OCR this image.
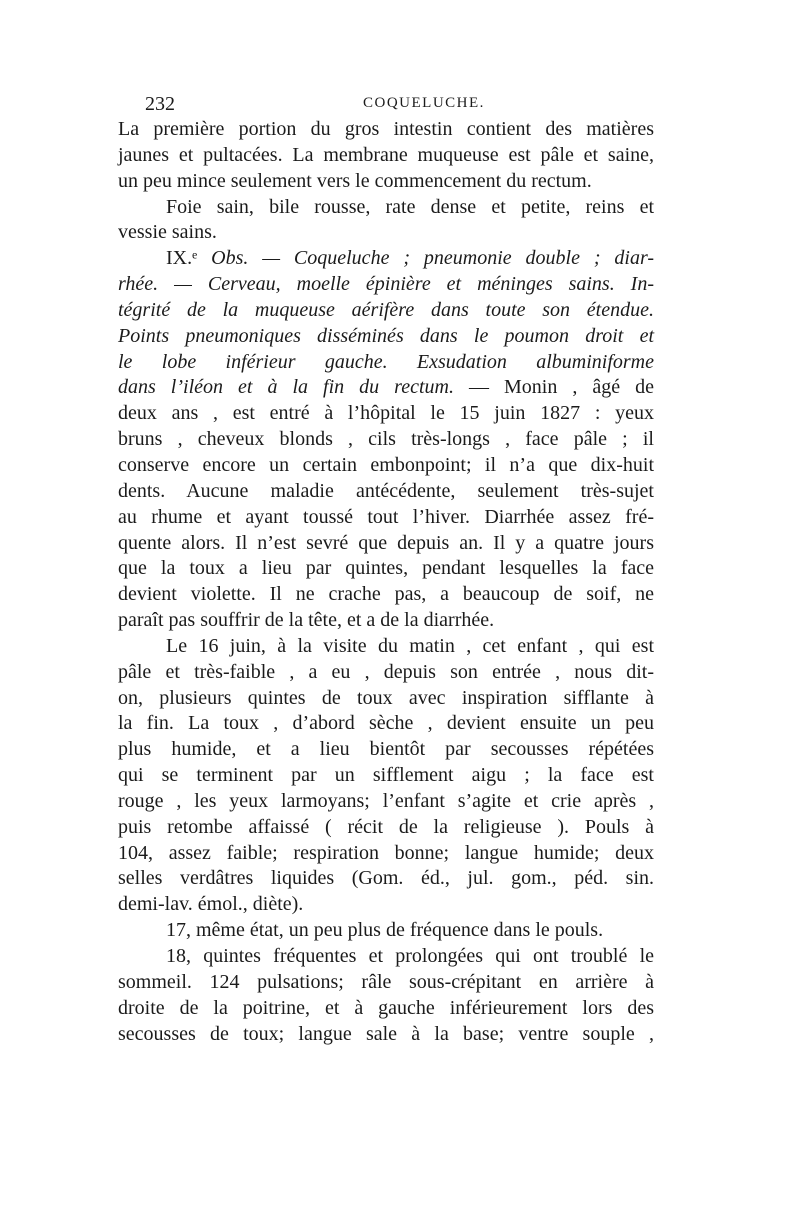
232	COQUELUCHE.
La première portion du gros intestin contient des matières
jaunes et pultacées. La membrane muqueuse est pâle et saine,
un peu mince seulement vers le commencement du rectum.
Foie sain, bile rousse, rate dense et petite, reins et
vessie sains.
IX.ᵉ Obs. — Coqueluche ; pneumonie double ; diar-
rhée. — Cerveau, moelle épinière et méninges sains. In-
tégrité de la muqueuse aérifère dans toute son étendue.
Points pneumoniques disséminés dans le poumon droit et
le lobe inférieur gauche. Exsudation albuminiforme
dans l’iléon et à la fin du rectum. — Monin , âgé de
deux ans , est entré à l’hôpital le 15 juin 1827 : yeux
bruns , cheveux blonds , cils très-longs , face pâle ; il
conserve encore un certain embonpoint; il n’a que dix-huit
dents. Aucune maladie antécédente, seulement très-sujet
au rhume et ayant toussé tout l’hiver. Diarrhée assez fré-
quente alors. Il n’est sevré que depuis an. Il y a quatre jours
que la toux a lieu par quintes, pendant lesquelles la face
devient violette. Il ne crache pas, a beaucoup de soif, ne
paraît pas souffrir de la tête, et a de la diarrhée.
Le 16 juin, à la visite du matin , cet enfant , qui est
pâle et très-faible , a eu , depuis son entrée , nous dit-
on, plusieurs quintes de toux avec inspiration sifflante à
la fin. La toux , d’abord sèche , devient ensuite un peu
plus humide, et a lieu bientôt par secousses répétées
qui se terminent par un sifflement aigu ; la face est
rouge , les yeux larmoyans; l’enfant s’agite et crie après ,
puis retombe affaissé ( récit de la religieuse ). Pouls à
104, assez faible; respiration bonne; langue humide; deux
selles verdâtres liquides (Gom. éd., jul. gom., péd. sin.
demi-lav. émol., diète).
17, même état, un peu plus de fréquence dans le pouls.
18, quintes fréquentes et prolongées qui ont troublé le
sommeil. 124 pulsations; râle sous-crépitant en arrière à
droite de la poitrine, et à gauche inférieurement lors des
secousses de toux; langue sale à la base; ventre souple ,
